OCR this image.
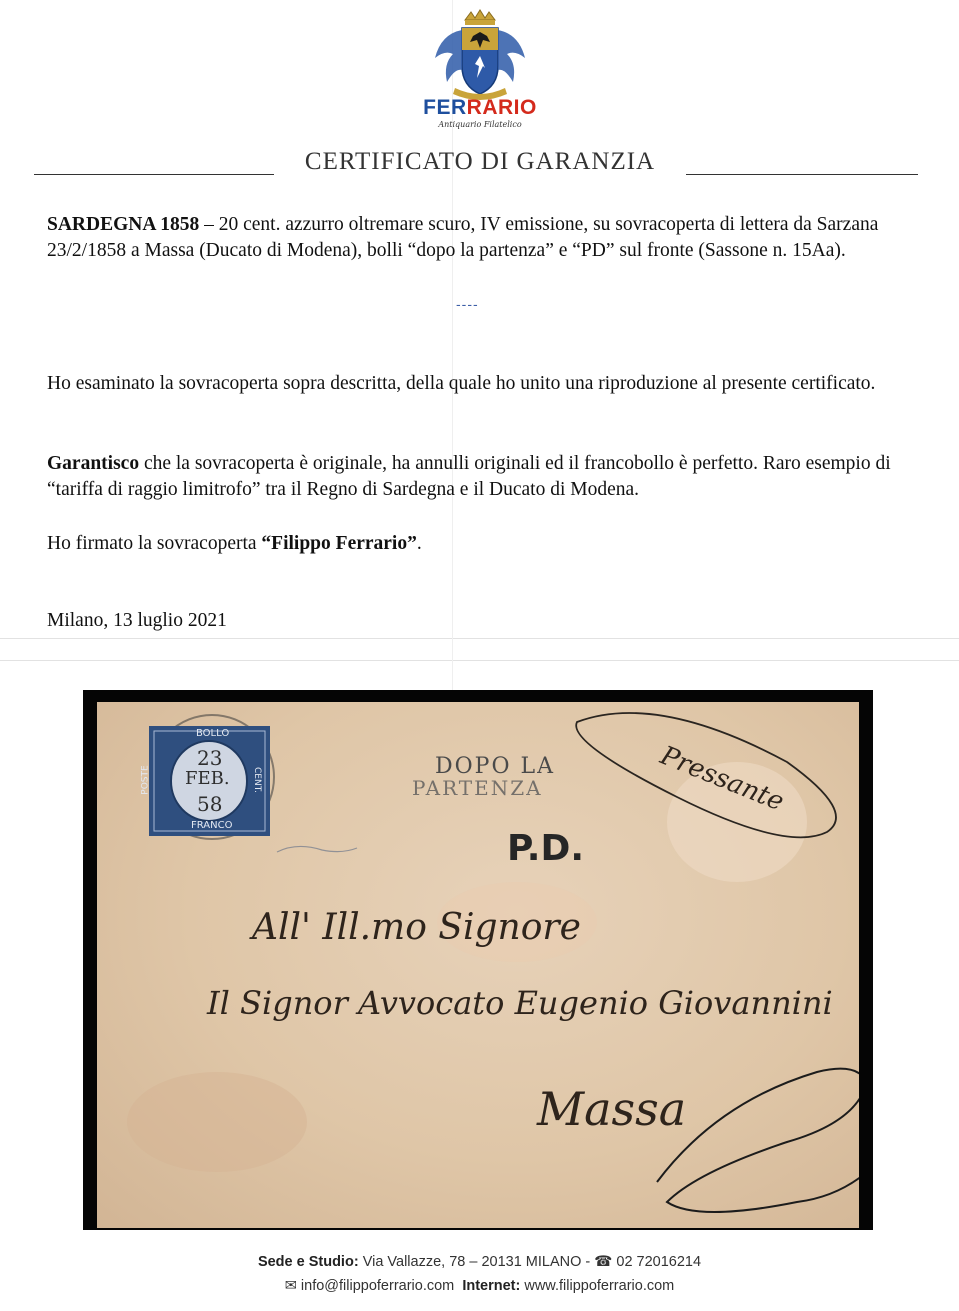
FERRARIO
Antiquario Filatelico
CERTIFICATO DI GARANZIA
SARDEGNA 1858 – 20 cent. azzurro oltremare scuro, IV emissione, su sovracoperta di lettera da Sarzana 23/2/1858 a Massa (Ducato di Modena), bolli “dopo la partenza” e “PD” sul fronte (Sassone n. 15Aa).
----
Ho esaminato la sovracoperta sopra descritta, della quale ho unito una riproduzione al presente certificato.
Garantisco che la sovracoperta è originale, ha annulli originali ed il francobollo è perfetto. Raro esempio di “tariffa di raggio limitrofo” tra il Regno di Sardegna e il Ducato di Modena.
Ho firmato la sovracoperta “Filippo Ferrario”.
Milano, 13 luglio 2021
BOLLO
POSTE	CENT.
FRANCO
23
FEB.
58
DOPO LA
PARTENZA
P.D.
Pressante
All' Ill.mo Signore
Il Signor Avvocato Eugenio Giovannini
Massa
Sede e Studio: Via Vallazze, 78 – 20131 MILANO - ☎ 02 72016214
✉ info@filippoferrario.com Internet: www.filippoferrario.com
